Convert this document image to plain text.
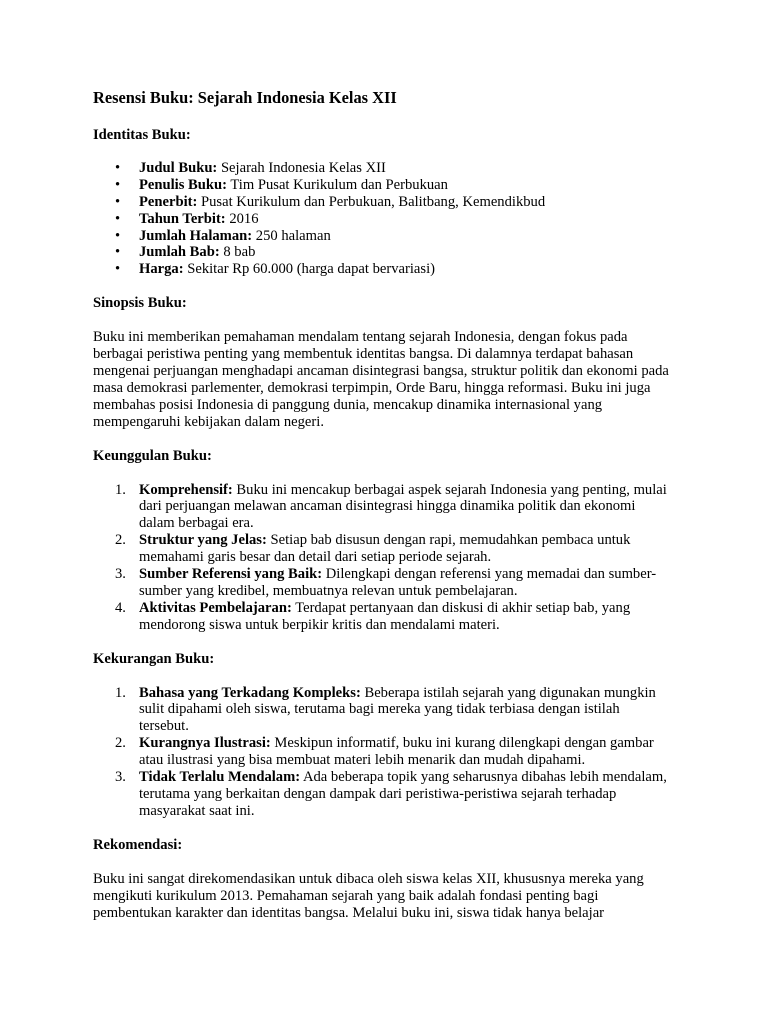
Resensi Buku: Sejarah Indonesia Kelas XII

Identitas Buku:

• Judul Buku: Sejarah Indonesia Kelas XII
• Penulis Buku: Tim Pusat Kurikulum dan Perbukuan
• Penerbit: Pusat Kurikulum dan Perbukuan, Balitbang, Kemendikbud
• Tahun Terbit: 2016
• Jumlah Halaman: 250 halaman
• Jumlah Bab: 8 bab
• Harga: Sekitar Rp 60.000 (harga dapat bervariasi)

Sinopsis Buku:

Buku ini memberikan pemahaman mendalam tentang sejarah Indonesia, dengan fokus pada berbagai peristiwa penting yang membentuk identitas bangsa. Di dalamnya terdapat bahasan mengenai perjuangan menghadapi ancaman disintegrasi bangsa, struktur politik dan ekonomi pada masa demokrasi parlementer, demokrasi terpimpin, Orde Baru, hingga reformasi. Buku ini juga membahas posisi Indonesia di panggung dunia, mencakup dinamika internasional yang mempengaruhi kebijakan dalam negeri.

Keunggulan Buku:

1. Komprehensif: Buku ini mencakup berbagai aspek sejarah Indonesia yang penting, mulai dari perjuangan melawan ancaman disintegrasi hingga dinamika politik dan ekonomi dalam berbagai era.
2. Struktur yang Jelas: Setiap bab disusun dengan rapi, memudahkan pembaca untuk memahami garis besar dan detail dari setiap periode sejarah.
3. Sumber Referensi yang Baik: Dilengkapi dengan referensi yang memadai dan sumber-sumber yang kredibel, membuatnya relevan untuk pembelajaran.
4. Aktivitas Pembelajaran: Terdapat pertanyaan dan diskusi di akhir setiap bab, yang mendorong siswa untuk berpikir kritis dan mendalami materi.

Kekurangan Buku:

1. Bahasa yang Terkadang Kompleks: Beberapa istilah sejarah yang digunakan mungkin sulit dipahami oleh siswa, terutama bagi mereka yang tidak terbiasa dengan istilah tersebut.
2. Kurangnya Ilustrasi: Meskipun informatif, buku ini kurang dilengkapi dengan gambar atau ilustrasi yang bisa membuat materi lebih menarik dan mudah dipahami.
3. Tidak Terlalu Mendalam: Ada beberapa topik yang seharusnya dibahas lebih mendalam, terutama yang berkaitan dengan dampak dari peristiwa-peristiwa sejarah terhadap masyarakat saat ini.

Rekomendasi:

Buku ini sangat direkomendasikan untuk dibaca oleh siswa kelas XII, khususnya mereka yang mengikuti kurikulum 2013. Pemahaman sejarah yang baik adalah fondasi penting bagi pembentukan karakter dan identitas bangsa. Melalui buku ini, siswa tidak hanya belajar
